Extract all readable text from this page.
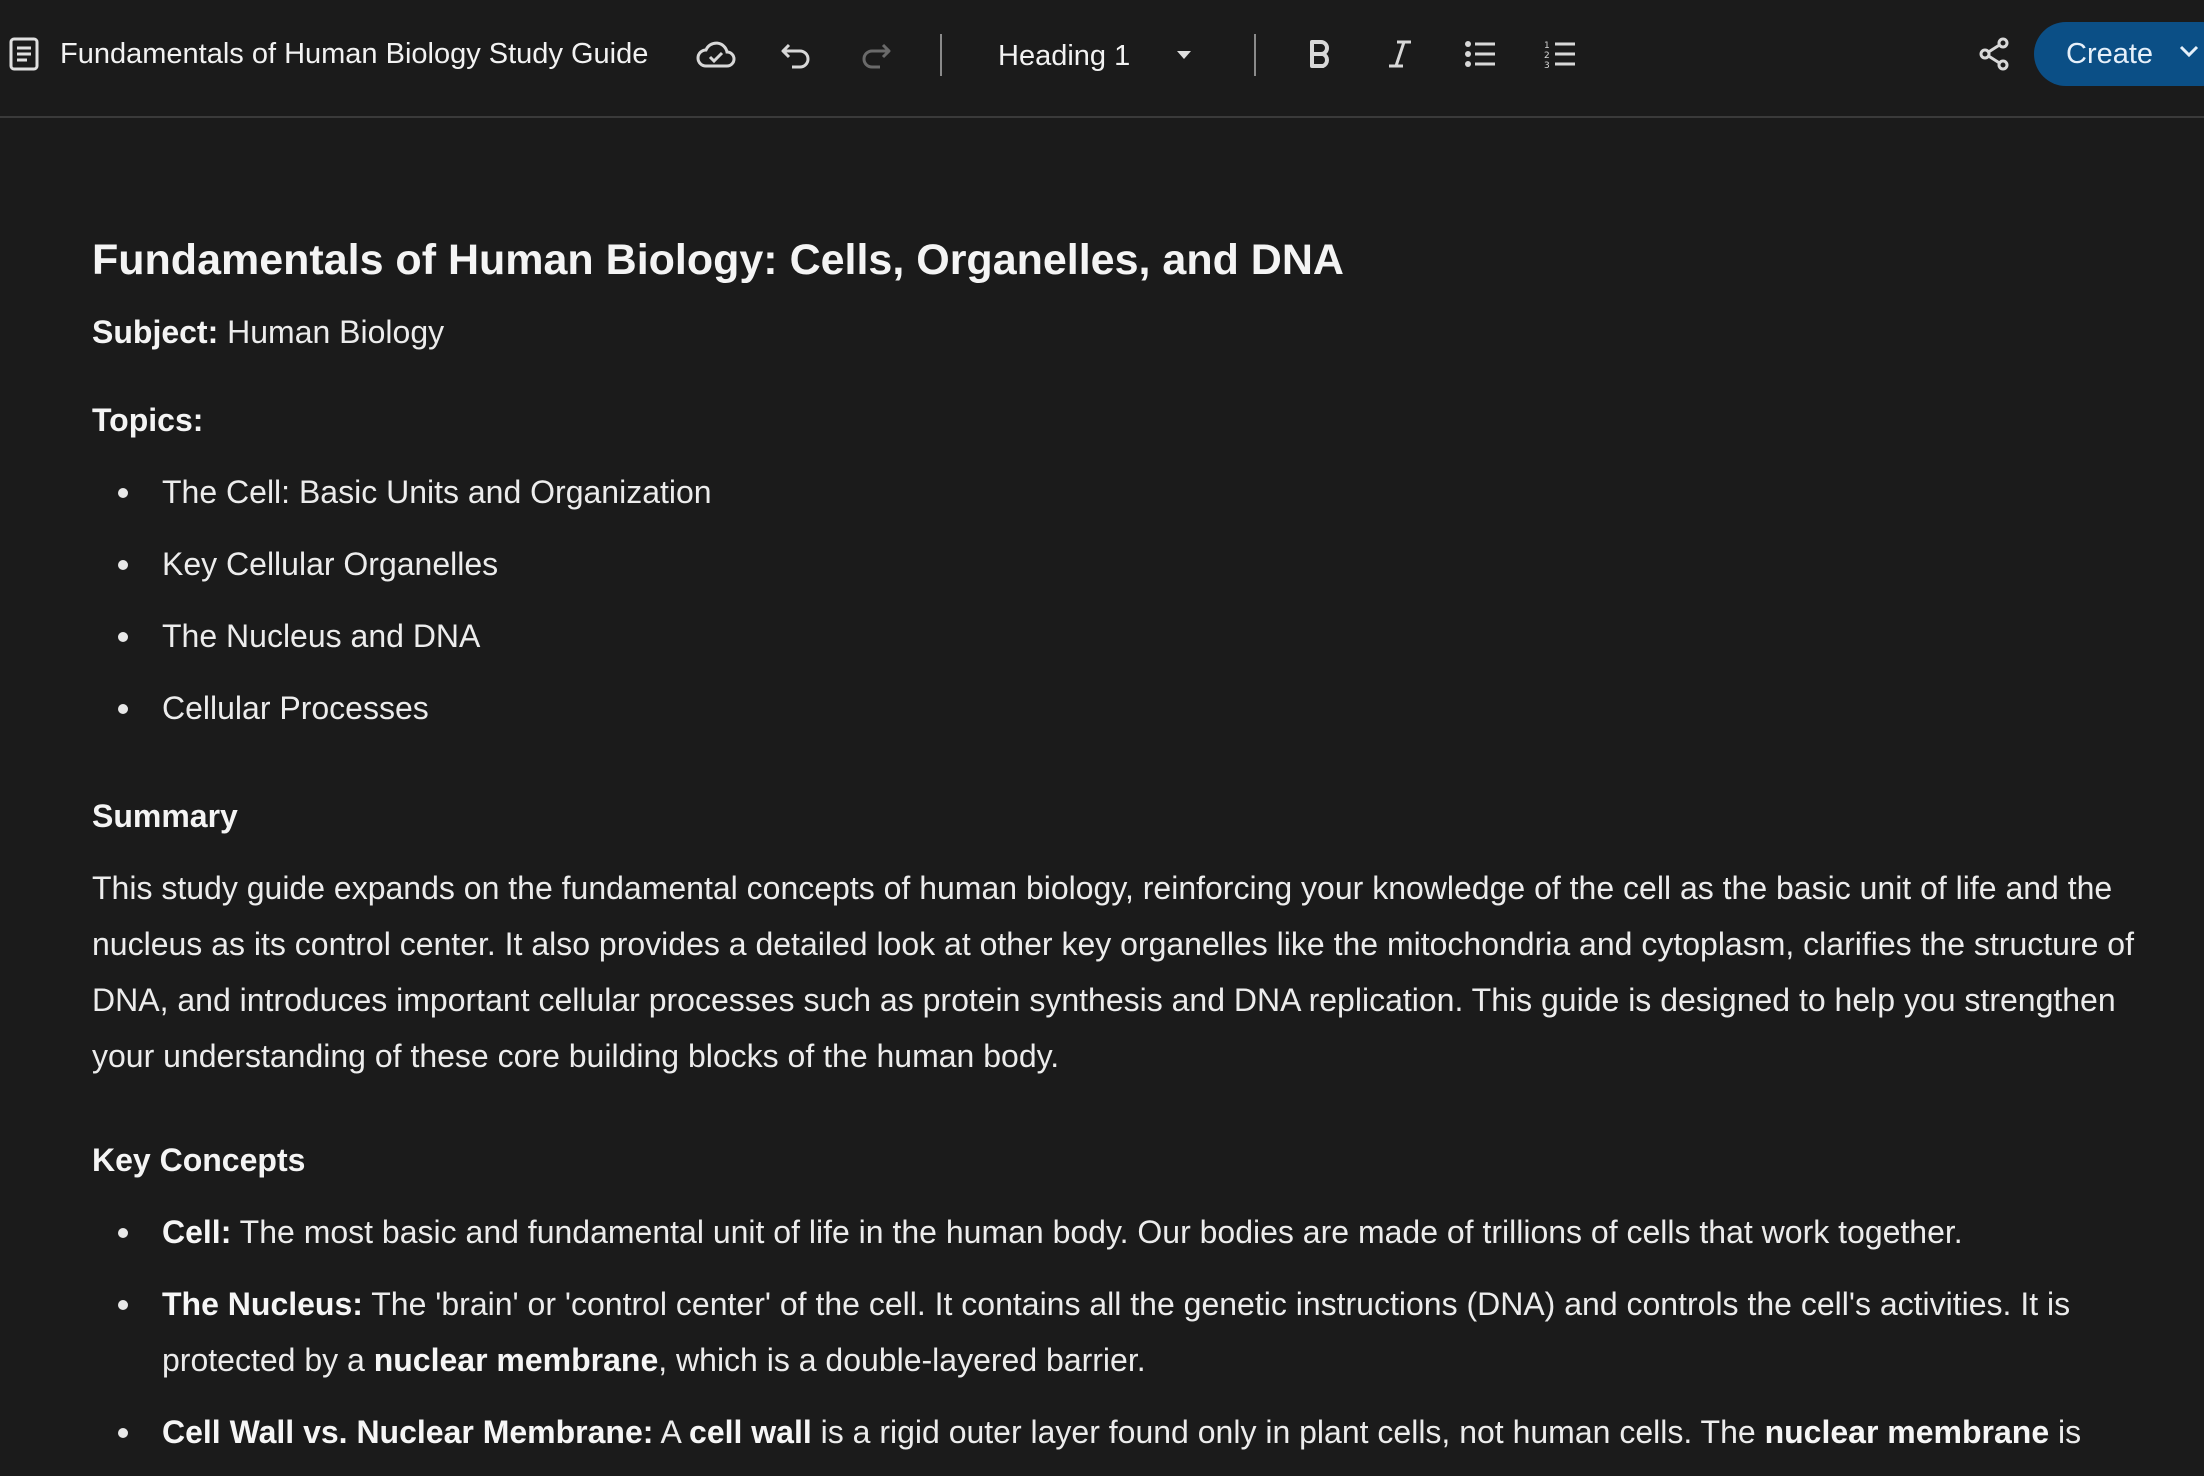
Fundamentals of Human Biology Study Guide	Heading 1	1
2
3	Create
Fundamentals of Human Biology: Cells, Organelles, and DNA
Subject: Human Biology
Topics:
The Cell: Basic Units and Organization
Key Cellular Organelles
The Nucleus and DNA
Cellular Processes
Summary

This study guide expands on the fundamental concepts of human biology, reinforcing your knowledge of the cell as the basic unit of life and the nucleus as its control center. It also provides a detailed look at other key organelles like the mitochondria and cytoplasm, clarifies the structure of DNA, and introduces important cellular processes such as protein synthesis and DNA replication. This guide is designed to help you strengthen your understanding of these core building blocks of the human body.

Key Concepts
Cell: The most basic and fundamental unit of life in the human body. Our bodies are made of trillions of cells that work together.
The Nucleus: The 'brain' or 'control center' of the cell. It contains all the genetic instructions (DNA) and controls the cell's activities. It is protected by a nuclear membrane, which is a double-layered barrier.
Cell Wall vs. Nuclear Membrane: A cell wall is a rigid outer layer found only in plant cells, not human cells. The nuclear membrane is
